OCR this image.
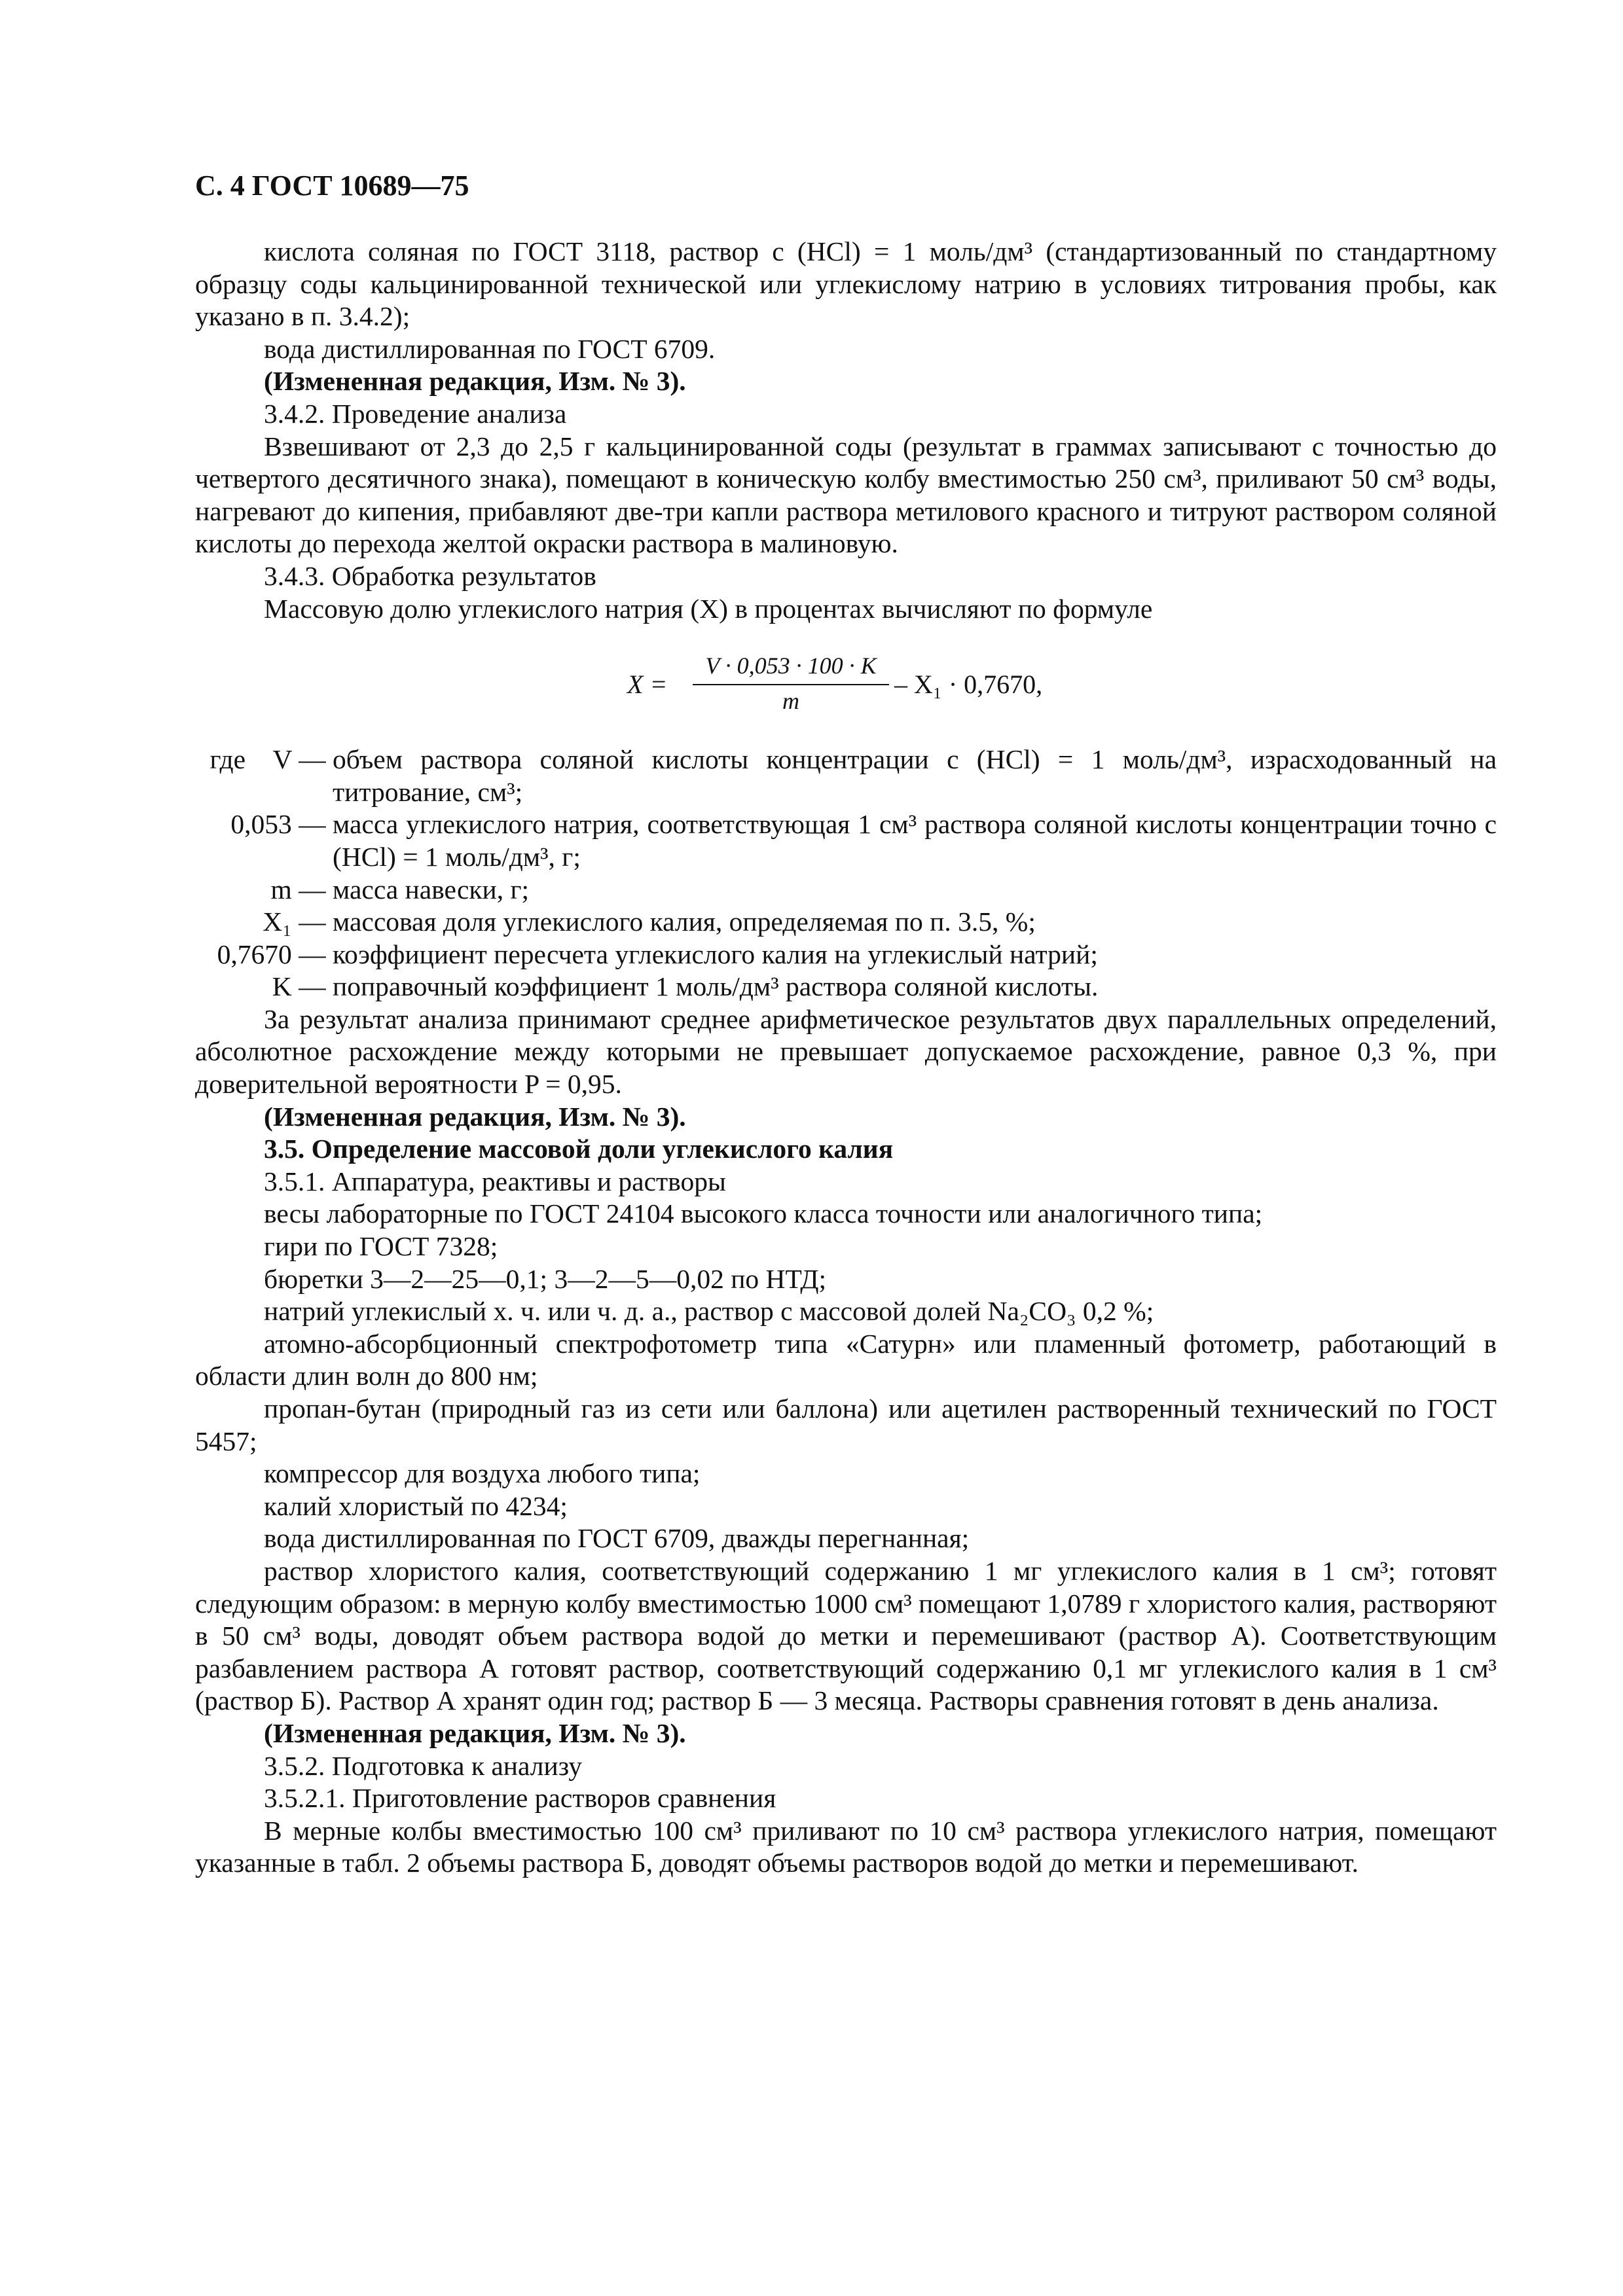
С. 4 ГОСТ 10689—75

кислота соляная по ГОСТ 3118, раствор c (HCl) = 1 моль/дм³ (стандартизованный по стандартному образцу соды кальцинированной технической или углекислому натрию в условиях титрования пробы, как указано в п. 3.4.2);

вода дистиллированная по ГОСТ 6709.

(Измененная редакция, Изм. № 3).

3.4.2. Проведение анализа

Взвешивают от 2,3 до 2,5 г кальцинированной соды (результат в граммах записывают с точностью до четвертого десятичного знака), помещают в коническую колбу вместимостью 250 см³, приливают 50 см³ воды, нагревают до кипения, прибавляют две-три капли раствора метилового красного и титруют раствором соляной кислоты до перехода желтой окраски раствора в малиновую.

3.4.3. Обработка результатов

Массовую долю углекислого натрия (X) в процентах вычисляют по формуле

X =
V · 0,053 · 100 · K
m
– X₁ · 0,7670,
где    V — объем раствора соляной кислоты концентрации c (HCl) = 1 моль/дм³, израсходованный на титрование, см³;
0,053 — масса углекислого натрия, соответствующая 1 см³ раствора соляной кислоты концентрации точно c (HCl) = 1 моль/дм³, г;
m — масса навески, г;
X₁ — массовая доля углекислого калия, определяемая по п. 3.5, %;
0,7670 — коэффициент пересчета углекислого калия на углекислый натрий;
K — поправочный коэффициент 1 моль/дм³ раствора соляной кислоты.

За результат анализа принимают среднее арифметическое результатов двух параллельных определений, абсолютное расхождение между которыми не превышает допускаемое расхождение, равное 0,3 %, при доверительной вероятности P = 0,95.

(Измененная редакция, Изм. № 3).

3.5. Определение массовой доли углекислого калия

3.5.1. Аппаратура, реактивы и растворы

весы лабораторные по ГОСТ 24104 высокого класса точности или аналогичного типа;

гири по ГОСТ 7328;

бюретки 3—2—25—0,1; 3—2—5—0,02 по НТД;

натрий углекислый х. ч. или ч. д. а., раствор с массовой долей Na₂CO₃ 0,2 %;

атомно-абсорбционный спектрофотометр типа «Сатурн» или пламенный фотометр, работающий в области длин волн до 800 нм;

пропан-бутан (природный газ из сети или баллона) или ацетилен растворенный технический по ГОСТ 5457;

компрессор для воздуха любого типа;

калий хлористый по 4234;

вода дистиллированная по ГОСТ 6709, дважды перегнанная;

раствор хлористого калия, соответствующий содержанию 1 мг углекислого калия в 1 см³; готовят следующим образом: в мерную колбу вместимостью 1000 см³ помещают 1,0789 г хлористого калия, растворяют в 50 см³ воды, доводят объем раствора водой до метки и перемешивают (раствор А). Соответствующим разбавлением раствора А готовят раствор, соответствующий содержанию 0,1 мг углекислого калия в 1 см³ (раствор Б). Раствор А хранят один год; раствор Б — 3 месяца. Растворы сравнения готовят в день анализа.

(Измененная редакция, Изм. № 3).

3.5.2. Подготовка к анализу

3.5.2.1. Приготовление растворов сравнения

В мерные колбы вместимостью 100 см³ приливают по 10 см³ раствора углекислого натрия, помещают указанные в табл. 2 объемы раствора Б, доводят объемы растворов водой до метки и перемешивают.
